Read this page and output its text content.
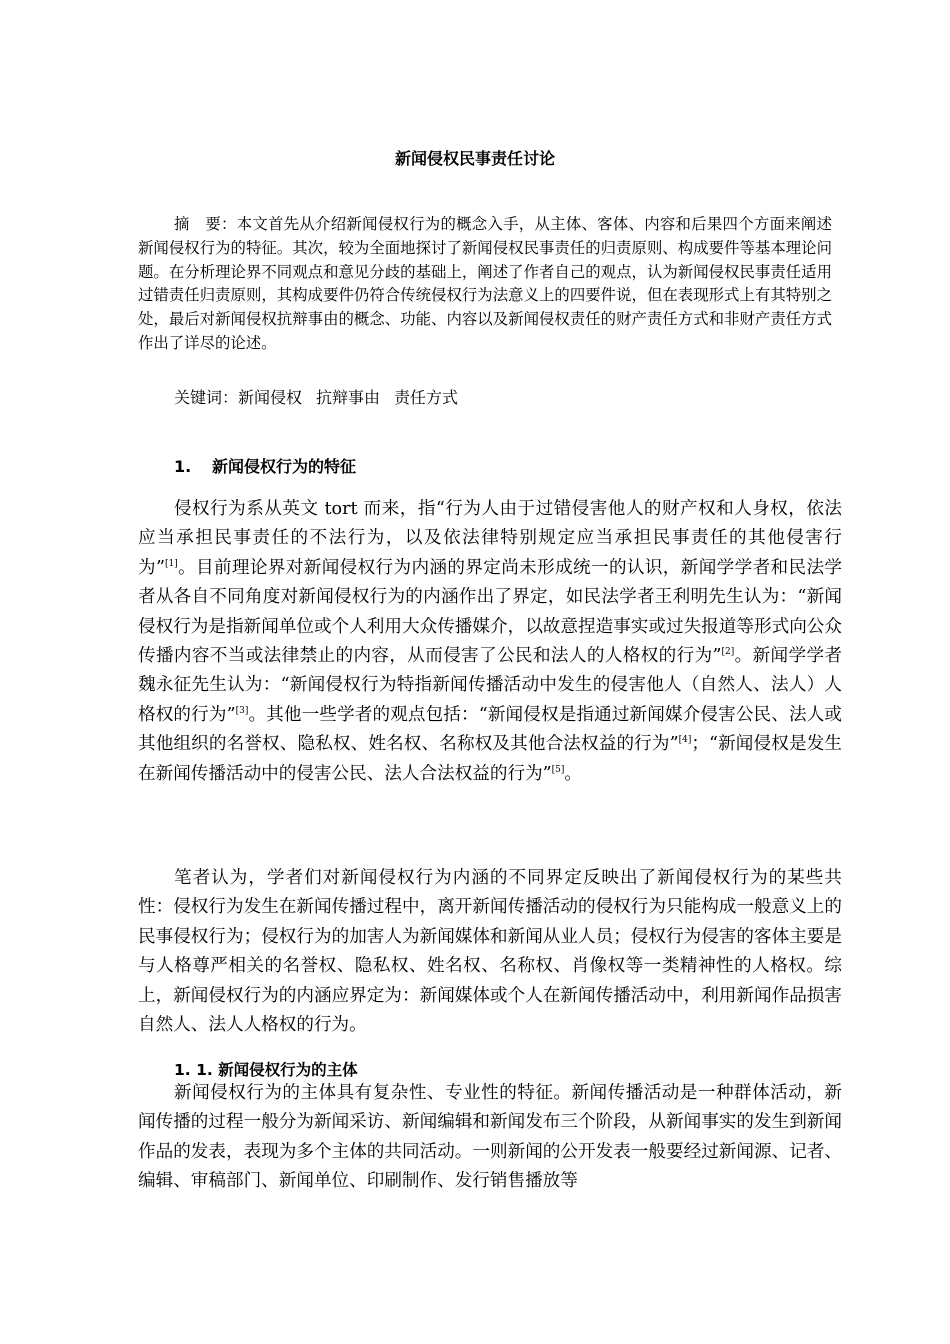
新闻侵权民事责任讨论
摘　要：本文首先从介绍新闻侵权行为的概念入手，从主体、客体、内容和后果四个方面来阐述新闻侵权行为的特征。其次，较为全面地探讨了新闻侵权民事责任的归责原则、构成要件等基本理论问题。在分析理论界不同观点和意见分歧的基础上，阐述了作者自己的观点，认为新闻侵权民事责任适用过错责任归责原则，其构成要件仍符合传统侵权行为法意义上的四要件说，但在表现形式上有其特别之处，最后对新闻侵权抗辩事由的概念、功能、内容以及新闻侵权责任的财产责任方式和非财产责任方式作出了详尽的论述。
关键词：新闻侵权 抗辩事由 责任方式
1. 新闻侵权行为的特征

侵权行为系从英文 tort 而来，指“行为人由于过错侵害他人的财产权和人身权，依法应当承担民事责任的不法行为，以及依法律特别规定应当承担民事责任的其他侵害行为”[1]。目前理论界对新闻侵权行为内涵的界定尚未形成统一的认识，新闻学学者和民法学者从各自不同角度对新闻侵权行为的内涵作出了界定，如民法学者王利明先生认为：“新闻侵权行为是指新闻单位或个人利用大众传播媒介，以故意捏造事实或过失报道等形式向公众传播内容不当或法律禁止的内容，从而侵害了公民和法人的人格权的行为”[2]。新闻学学者魏永征先生认为：“新闻侵权行为特指新闻传播活动中发生的侵害他人（自然人、法人）人格权的行为”[3]。其他一些学者的观点包括：“新闻侵权是指通过新闻媒介侵害公民、法人或其他组织的名誉权、隐私权、姓名权、名称权及其他合法权益的行为”[4]；“新闻侵权是发生在新闻传播活动中的侵害公民、法人合法权益的行为”[5]。

笔者认为，学者们对新闻侵权行为内涵的不同界定反映出了新闻侵权行为的某些共性：侵权行为发生在新闻传播过程中，离开新闻传播活动的侵权行为只能构成一般意义上的民事侵权行为；侵权行为的加害人为新闻媒体和新闻从业人员；侵权行为侵害的客体主要是与人格尊严相关的名誉权、隐私权、姓名权、名称权、肖像权等一类精神性的人格权。综上，新闻侵权行为的内涵应界定为：新闻媒体或个人在新闻传播活动中，利用新闻作品损害自然人、法人人格权的行为。

1. 1. 新闻侵权行为的主体

新闻侵权行为的主体具有复杂性、专业性的特征。新闻传播活动是一种群体活动，新闻传播的过程一般分为新闻采访、新闻编辑和新闻发布三个阶段，从新闻事实的发生到新闻作品的发表，表现为多个主体的共同活动。一则新闻的公开发表一般要经过新闻源、记者、编辑、审稿部门、新闻单位、印刷制作、发行销售播放等
